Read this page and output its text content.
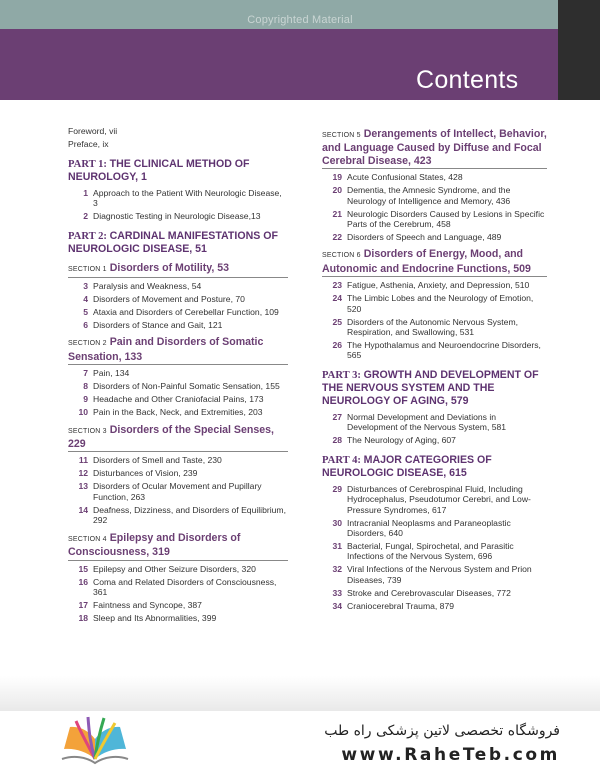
Copyrighted Material
Contents
Foreword, vii
Preface, ix
PART 1: THE CLINICAL METHOD OF NEUROLOGY, 1
1 Approach to the Patient With Neurologic Disease, 3
2 Diagnostic Testing in Neurologic Disease,13
PART 2: CARDINAL MANIFESTATIONS OF NEUROLOGIC DISEASE, 51
SECTION 1 Disorders of Motility, 53
3 Paralysis and Weakness, 54
4 Disorders of Movement and Posture, 70
5 Ataxia and Disorders of Cerebellar Function, 109
6 Disorders of Stance and Gait, 121
SECTION 2 Pain and Disorders of Somatic Sensation, 133
7 Pain, 134
8 Disorders of Non-Painful Somatic Sensation, 155
9 Headache and Other Craniofacial Pains, 173
10 Pain in the Back, Neck, and Extremities, 203
SECTION 3 Disorders of the Special Senses, 229
11 Disorders of Smell and Taste, 230
12 Disturbances of Vision, 239
13 Disorders of Ocular Movement and Pupillary Function, 263
14 Deafness, Dizziness, and Disorders of Equilibrium, 292
SECTION 4 Epilepsy and Disorders of Consciousness, 319
15 Epilepsy and Other Seizure Disorders, 320
16 Coma and Related Disorders of Consciousness, 361
17 Faintness and Syncope, 387
18 Sleep and Its Abnormalities, 399
SECTION 5 Derangements of Intellect, Behavior, and Language Caused by Diffuse and Focal Cerebral Disease, 423
19 Acute Confusional States, 428
20 Dementia, the Amnesic Syndrome, and the Neurology of Intelligence and Memory, 436
21 Neurologic Disorders Caused by Lesions in Specific Parts of the Cerebrum, 458
22 Disorders of Speech and Language, 489
SECTION 6 Disorders of Energy, Mood, and Autonomic and Endocrine Functions, 509
23 Fatigue, Asthenia, Anxiety, and Depression, 510
24 The Limbic Lobes and the Neurology of Emotion, 520
25 Disorders of the Autonomic Nervous System, Respiration, and Swallowing, 531
26 The Hypothalamus and Neuroendocrine Disorders, 565
PART 3: GROWTH AND DEVELOPMENT OF THE NERVOUS SYSTEM AND THE NEUROLOGY OF AGING, 579
27 Normal Development and Deviations in Development of the Nervous System, 581
28 The Neurology of Aging, 607
PART 4: MAJOR CATEGORIES OF NEUROLOGIC DISEASE, 615
29 Disturbances of Cerebrospinal Fluid, Including Hydrocephalus, Pseudotumor Cerebri, and Low-Pressure Syndromes, 617
30 Intracranial Neoplasms and Paraneoplastic Disorders, 640
31 Bacterial, Fungal, Spirochetal, and Parasitic Infections of the Nervous System, 696
32 Viral Infections of the Nervous System and Prion Diseases, 739
33 Stroke and Cerebrovascular Diseases, 772
34 Craniocerebral Trauma, 879
فروشگاه تخصصی لاتین پزشکی راه طب
www.RaheTeb.com
